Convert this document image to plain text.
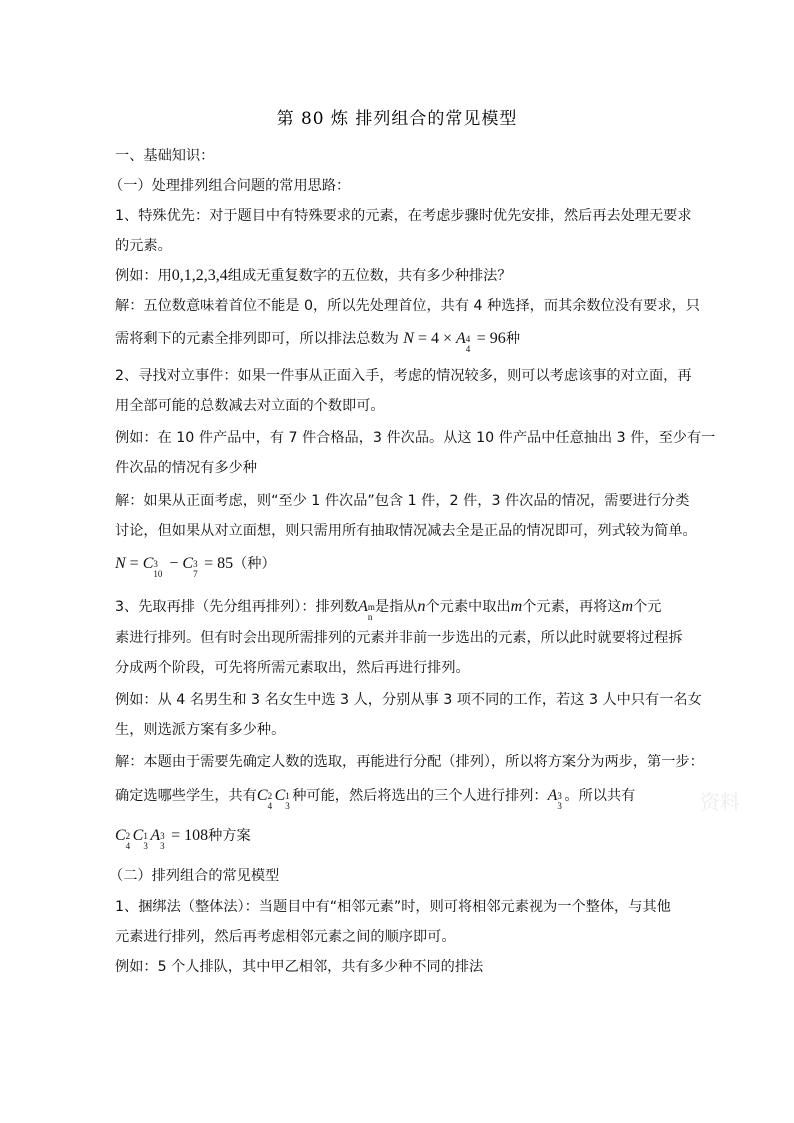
第 80 炼 排列组合的常见模型
一、基础知识：
（一）处理排列组合问题的常用思路：
1、特殊优先：对于题目中有特殊要求的元素，在考虑步骤时优先安排，然后再去处理无要求
的元素。
例如：用0,1,2,3,4组成无重复数字的五位数，共有多少种排法？
解：五位数意味着首位不能是 0，所以先处理首位，共有 4 种选择，而其余数位没有要求，只
需将剩下的元素全排列即可，所以排法总数为 N = 4 × A 4
4
= 96种
2、寻找对立事件：如果一件事从正面入手，考虑的情况较多，则可以考虑该事的对立面，再
用全部可能的总数减去对立面的个数即可。
例如：在 10 件产品中，有 7 件合格品，3 件次品。从这 10 件产品中任意抽出 3 件，至少有一
件次品的情况有多少种
解：如果从正面考虑，则“至少 1 件次品”包含 1 件，2 件，3 件次品的情况，需要进行分类
讨论，但如果从对立面想，则只需用所有抽取情况减去全是正品的情况即可，列式较为简单。
N = C 3
10
− C 3
7
= 85（种）
3、先取再排（先分组再排列）：排列数A m
n
是指从n个元素中取出m个元素，再将这m个元
素进行排列。但有时会出现所需排列的元素并非前一步选出的元素，所以此时就要将过程拆
分成两个阶段，可先将所需元素取出，然后再进行排列。
例如：从 4 名男生和 3 名女生中选 3 人，分别从事 3 项不同的工作，若这 3 人中只有一名女
生，则选派方案有多少种。
解：本题由于需要先确定人数的选取，再能进行分配（排列），所以将方案分为两步，第一步：
确定选哪些学生，共有C 2
4
C 1
3
种可能，然后将选出的三个人进行排列：A 3
3
。所以共有
C 2
4
C 1
3
A 3
3
= 108种方案
（二）排列组合的常见模型
1、捆绑法（整体法）：当题目中有“相邻元素”时，则可将相邻元素视为一个整体，与其他
元素进行排列，然后再考虑相邻元素之间的顺序即可。
例如：5 个人排队，其中甲乙相邻，共有多少种不同的排法
资料
